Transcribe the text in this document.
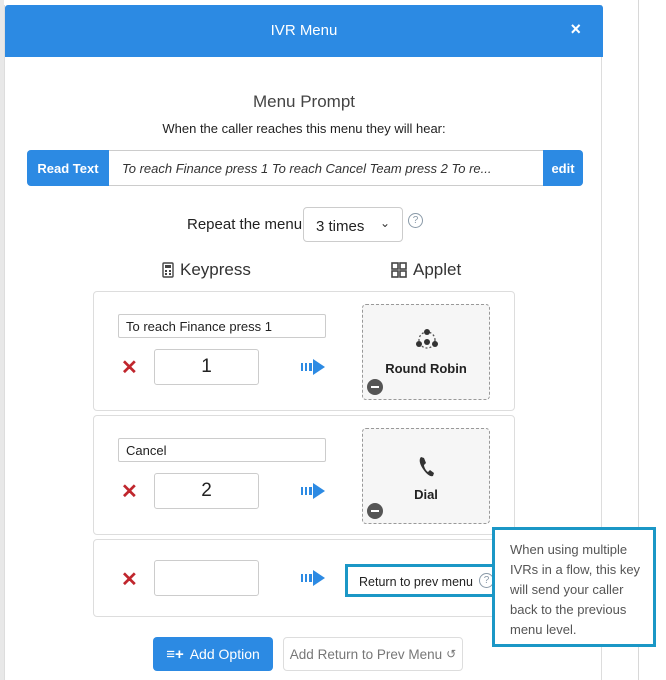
IVR Menu	×
Menu Prompt
When the caller reaches this menu they will hear:
Read Text	To reach Finance press 1 To reach Cancel Team press 2 To re...	edit
Repeat the menu 3 times ⌄	?
Keypress	Applet
To reach Finance press 1
✕	1	Round Robin
Cancel
✕	2	Dial
✕	Return to prev menu	?
≡+ Add Option Add Return to Prev Menu ↺
When using multiple IVRs in a flow, this key will send your caller back to the previous menu level.
